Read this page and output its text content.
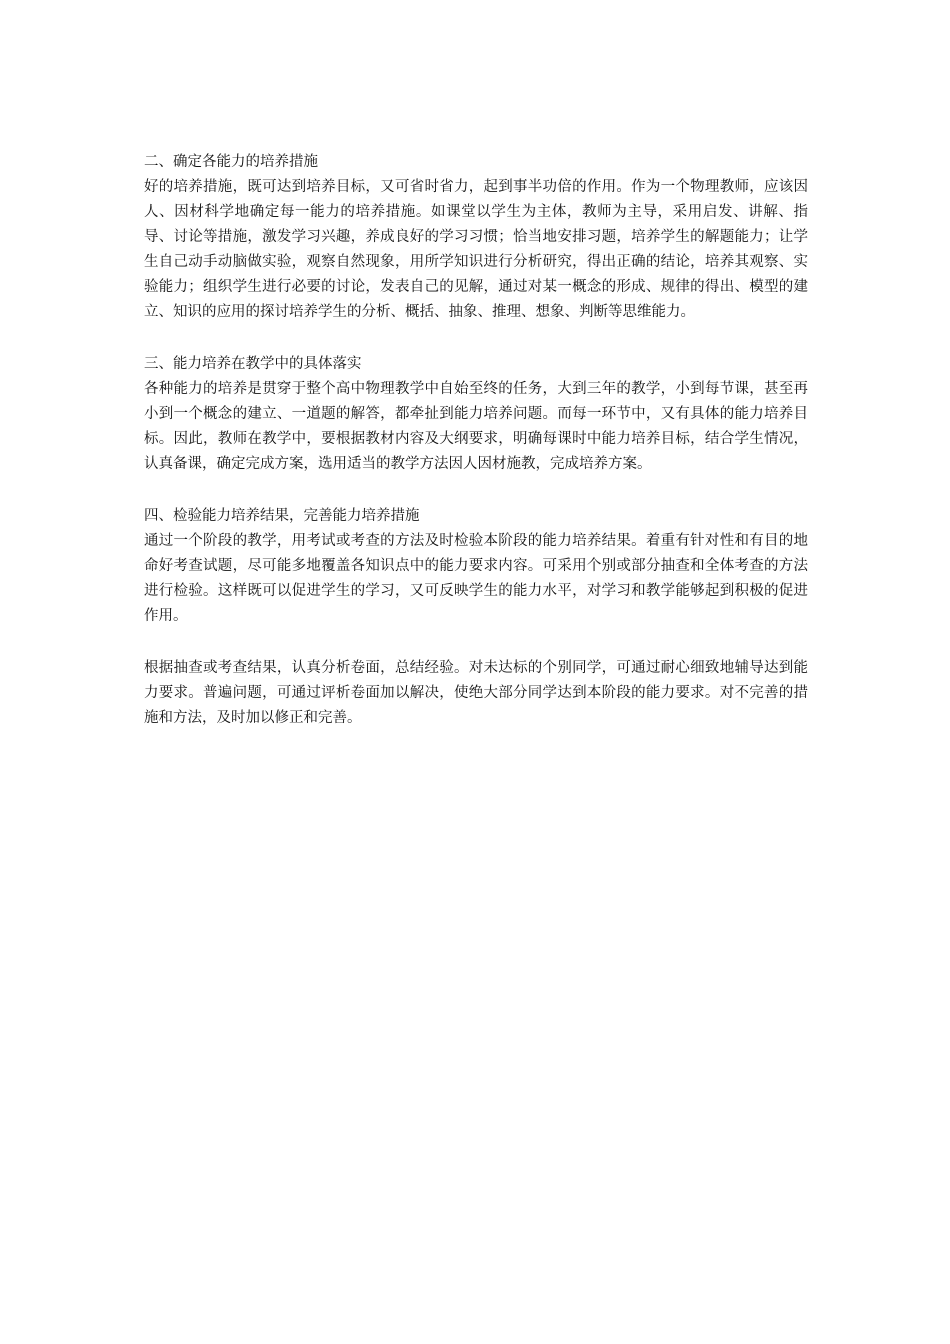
二、确定各能力的培养措施

好的培养措施，既可达到培养目标，又可省时省力，起到事半功倍的作用。作为一个物理教师，应该因人、因材科学地确定每一能力的培养措施。如课堂以学生为主体，教师为主导，采用启发、讲解、指导、讨论等措施，激发学习兴趣，养成良好的学习习惯；恰当地安排习题，培养学生的解题能力；让学生自己动手动脑做实验，观察自然现象，用所学知识进行分析研究，得出正确的结论，培养其观察、实验能力；组织学生进行必要的讨论，发表自己的见解，通过对某一概念的形成、规律的得出、模型的建立、知识的应用的探讨培养学生的分析、概括、抽象、推理、想象、判断等思维能力。

三、能力培养在教学中的具体落实

各种能力的培养是贯穿于整个高中物理教学中自始至终的任务，大到三年的教学，小到每节课，甚至再小到一个概念的建立、一道题的解答，都牵扯到能力培养问题。而每一环节中，又有具体的能力培养目标。因此，教师在教学中，要根据教材内容及大纲要求，明确每课时中能力培养目标，结合学生情况，认真备课，确定完成方案，选用适当的教学方法因人因材施教，完成培养方案。

四、检验能力培养结果，完善能力培养措施

通过一个阶段的教学，用考试或考查的方法及时检验本阶段的能力培养结果。着重有针对性和有目的地命好考查试题，尽可能多地覆盖各知识点中的能力要求内容。可采用个别或部分抽查和全体考查的方法进行检验。这样既可以促进学生的学习，又可反映学生的能力水平，对学习和教学能够起到积极的促进作用。

根据抽查或考查结果，认真分析卷面，总结经验。对未达标的个别同学，可通过耐心细致地辅导达到能力要求。普遍问题，可通过评析卷面加以解决，使绝大部分同学达到本阶段的能力要求。对不完善的措施和方法，及时加以修正和完善。
